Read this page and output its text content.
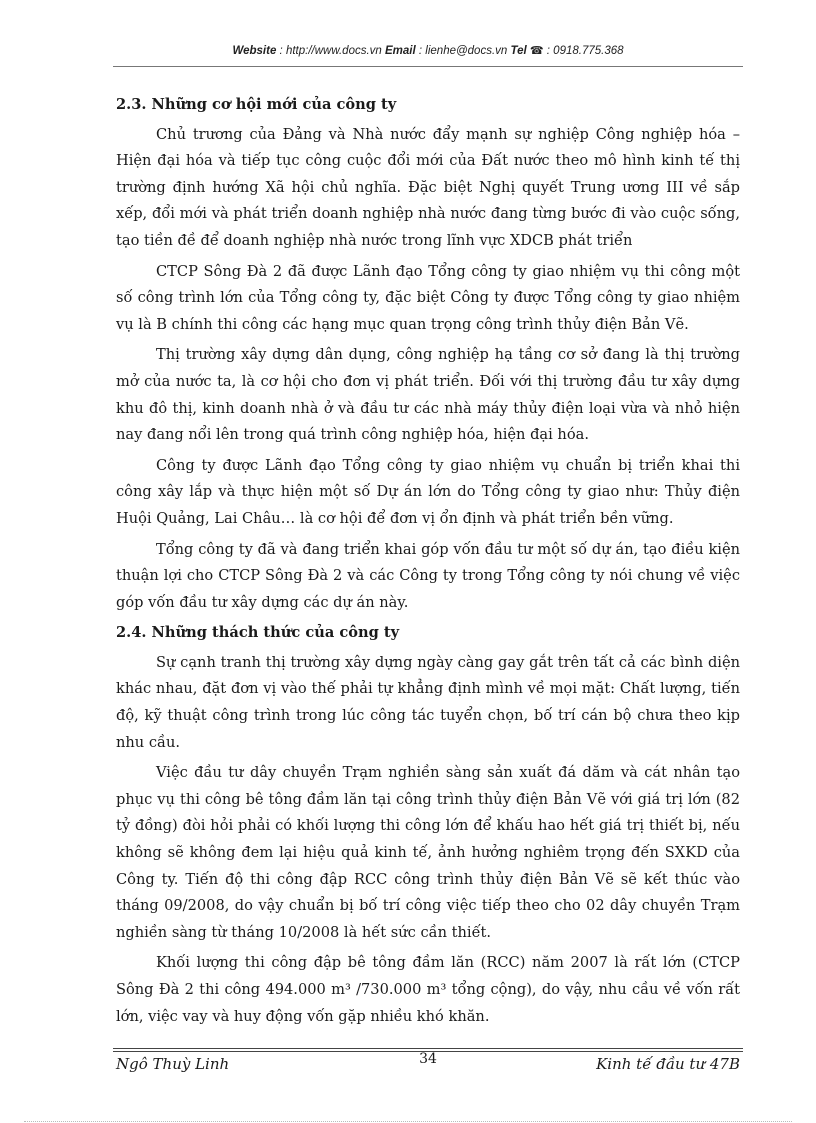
Website : http://www.docs.vn Email : lienhe@docs.vn Tel ☎ : 0918.775.368
2.3. Những cơ hội mới của công ty

Chủ trương của Đảng và Nhà nước đẩy mạnh sự nghiệp Công nghiệp hóa – Hiện đại hóa và tiếp tục công cuộc đổi mới của Đất nước theo mô hình kinh tế thị trường định hướng Xã hội chủ nghĩa. Đặc biệt Nghị quyết Trung ương III về sắp xếp, đổi mới và phát triển doanh nghiệp nhà nước đang từng bước đi vào cuộc sống, tạo tiền đề để doanh nghiệp nhà nước trong lĩnh vực XDCB phát triển

CTCP Sông Đà 2 đã được Lãnh đạo Tổng công ty giao nhiệm vụ thi công một số công trình lớn của Tổng công ty, đặc biệt Công ty được Tổng công ty giao nhiệm vụ là B chính thi công các hạng mục quan trọng công trình thủy điện Bản Vẽ.

Thị trường xây dựng dân dụng, công nghiệp hạ tầng cơ sở đang là thị trường mở của nước ta, là cơ hội cho đơn vị phát triển. Đối với thị trường đầu tư xây dựng khu đô thị, kinh doanh nhà ở và đầu tư các nhà máy thủy điện loại vừa và nhỏ hiện nay đang nổi lên trong quá trình công nghiệp hóa, hiện đại hóa.

Công ty được Lãnh đạo Tổng công ty giao nhiệm vụ chuẩn bị triển khai thi công xây lắp và thực hiện một số Dự án lớn do Tổng công ty giao như: Thủy điện Huội Quảng, Lai Châu… là cơ hội để đơn vị ổn định và phát triển bền vững.

Tổng công ty đã và đang triển khai góp vốn đầu tư một số dự án, tạo điều kiện thuận lợi cho CTCP Sông Đà 2 và các Công ty trong Tổng công ty nói chung về việc góp vốn đầu tư xây dựng các dự án này.

2.4. Những thách thức của công ty

Sự cạnh tranh thị trường xây dựng ngày càng gay gắt trên tất cả các bình diện khác nhau, đặt đơn vị vào thế phải tự khẳng định mình về mọi mặt: Chất lượng, tiến độ, kỹ thuật công trình trong lúc công tác tuyển chọn, bố trí cán bộ chưa theo kịp nhu cầu.

Việc đầu tư dây chuyền Trạm nghiền sàng sản xuất đá dăm và cát nhân tạo phục vụ thi công bê tông đầm lăn tại công trình thủy điện Bản Vẽ với giá trị lớn (82 tỷ đồng) đòi hỏi phải có khối lượng thi công lớn để khấu hao hết giá trị thiết bị, nếu không sẽ không đem lại hiệu quả kinh tế, ảnh hưởng nghiêm trọng đến SXKD của Công ty. Tiến độ thi công đập RCC công trình thủy điện Bản Vẽ sẽ kết thúc vào tháng 09/2008, do vậy chuẩn bị bố trí công việc tiếp theo cho 02 dây chuyền Trạm nghiền sàng từ tháng 10/2008 là hết sức cần thiết.

Khối lượng thi công đập bê tông đầm lăn (RCC) năm 2007 là rất lớn (CTCP Sông Đà 2 thi công 494.000 m³ /730.000 m³ tổng cộng), do vậy, nhu cầu về vốn rất lớn, việc vay và huy động vốn gặp nhiều khó khăn.

Ngô Thuỳ Linh	34	Kinh tế đầu tư 47B
